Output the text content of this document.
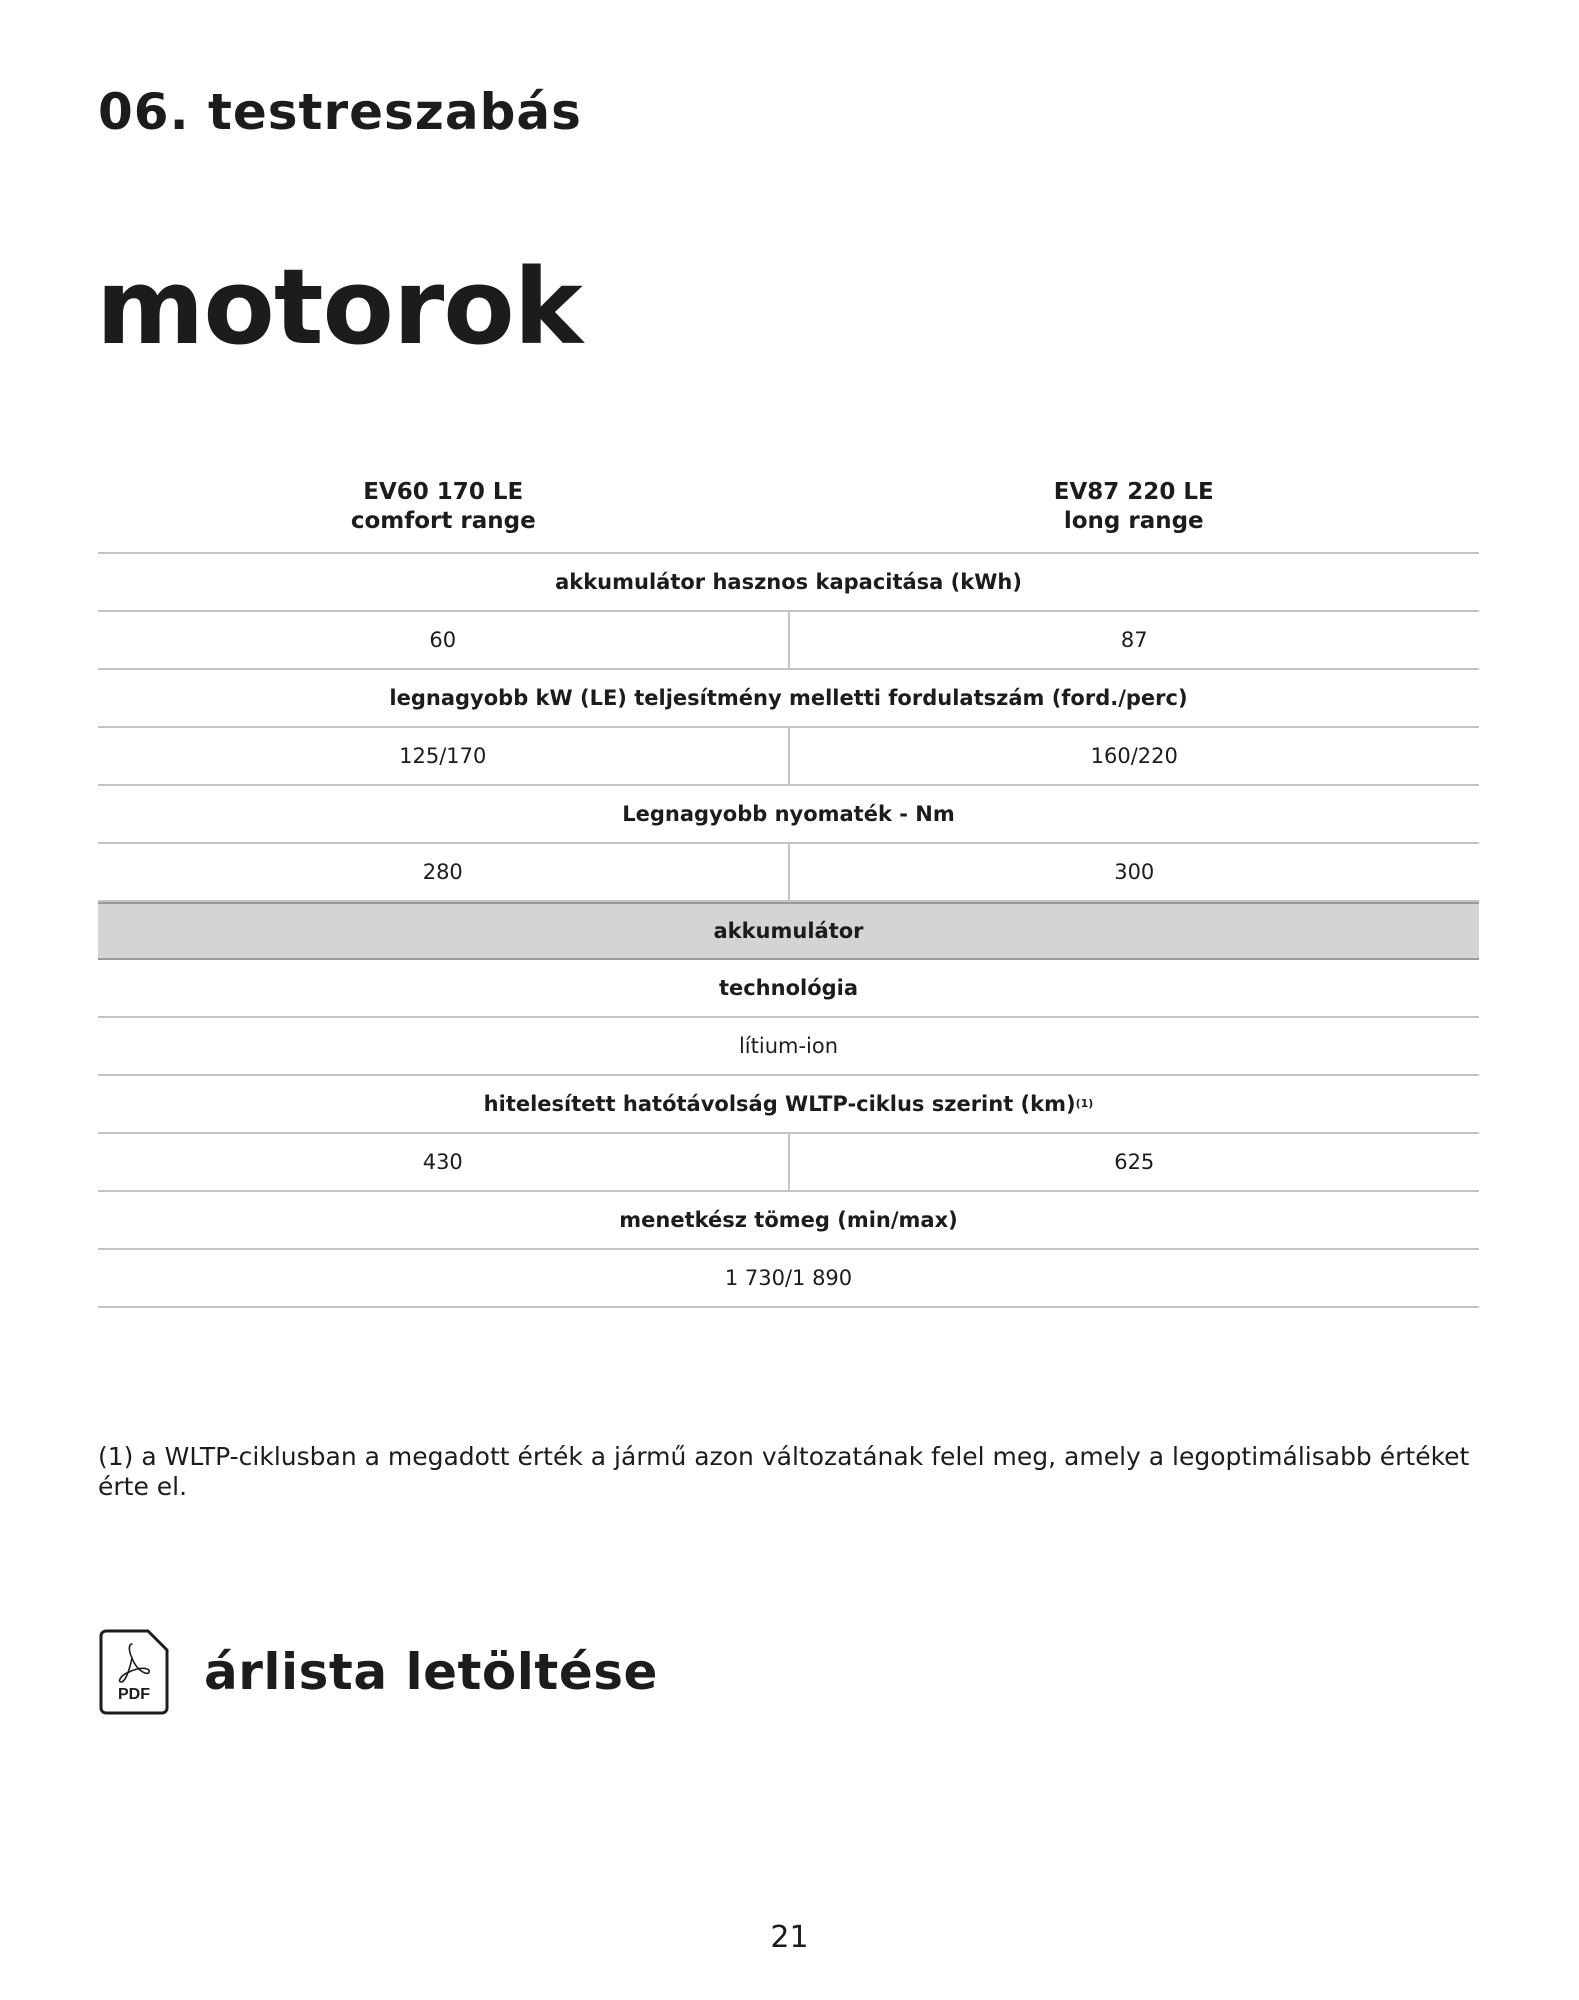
06. testreszabás
motorok
EV60 170 LE
comfort range
EV87 220 LE
long range
akkumulátor hasznos kapacitása (kWh)
60	87
legnagyobb kW (LE) teljesítmény melletti fordulatszám (ford./perc)
125/170	160/220
Legnagyobb nyomaték - Nm
280	300
akkumulátor
technológia
lítium-ion
hitelesített hatótávolság WLTP-ciklus szerint (km) (1)
430	625
menetkész tömeg (min/max)
1 730/1 890

(1) a WLTP-ciklusban a megadott érték a jármű azon változatának felel meg, amely a legoptimálisabb értéket érte el.

PDF árlista letöltése
21
